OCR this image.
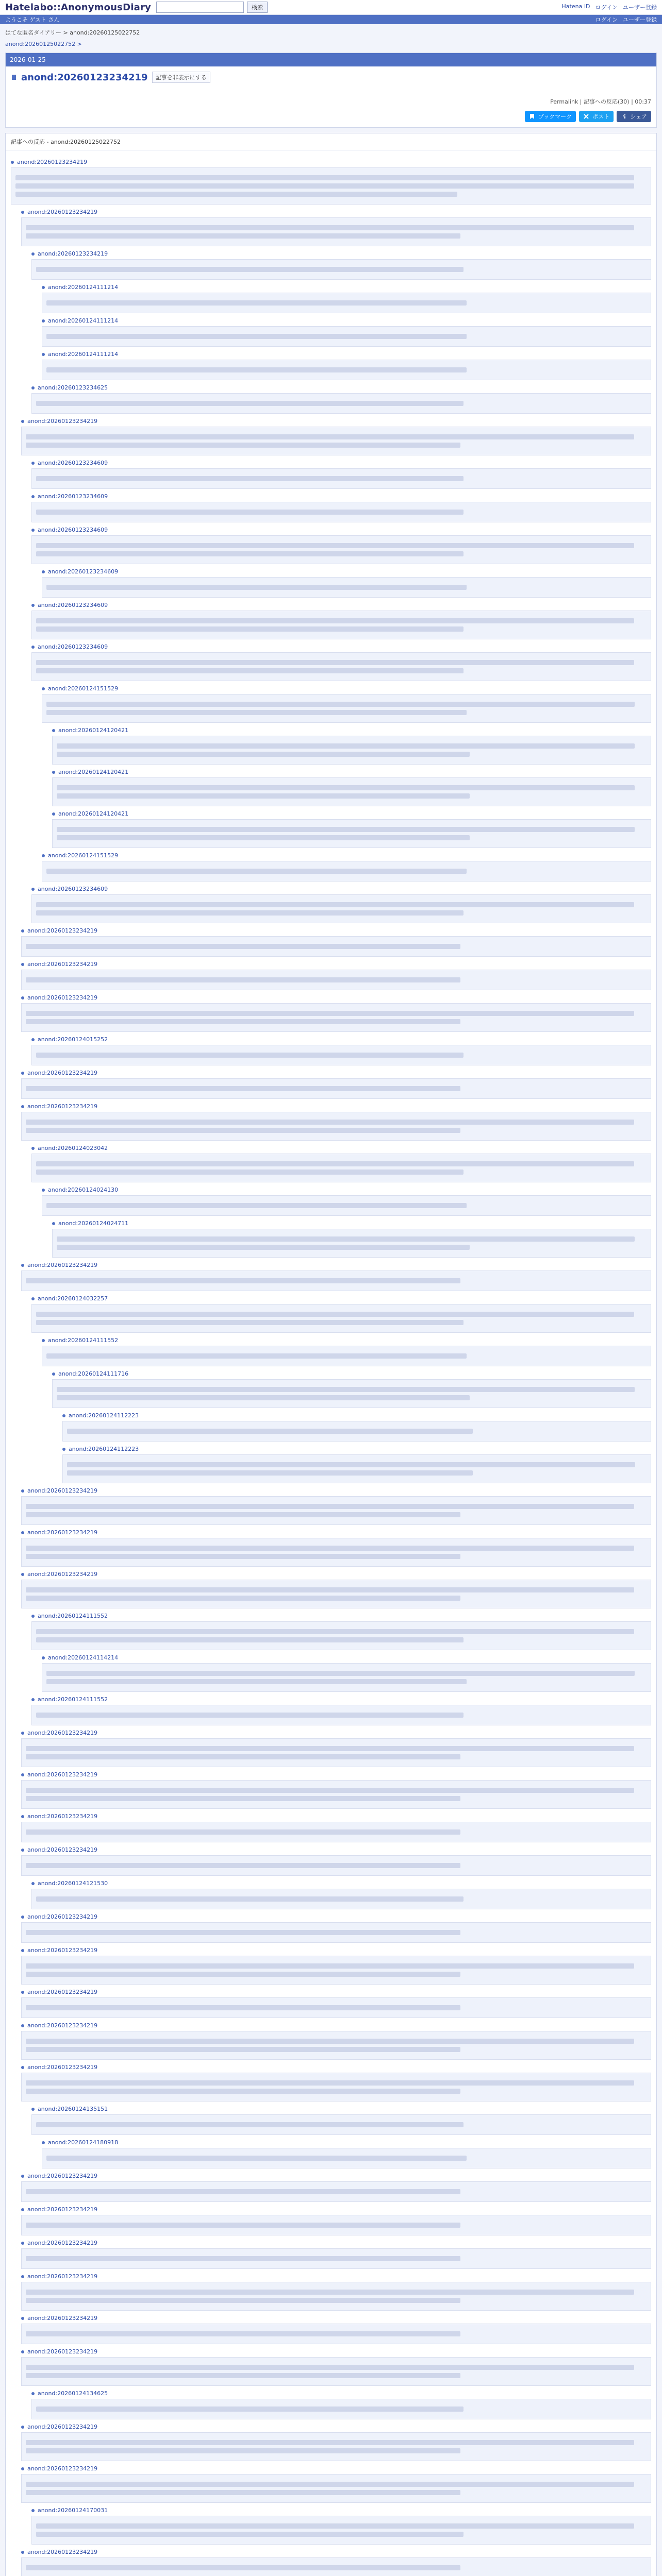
Hatelabo::AnonymousDiary	検索	Hatena ID ログイン ユーザー登録
ようこそ ゲスト さん	ログイン ユーザー登録
はてな匿名ダイアリー > anond:20260125022752
anond:20260125022752 >
2026-01-25
anond:20260123234219	記事を非表示にする
Permalink | 記事への反応(30) | 00:37
ブックマーク	ポスト	シェア
記事への反応 - anond:20260125022752
anond:20260123234219
anond:20260123234219
anond:20260123234219
anond:20260124111214
anond:20260124111214
anond:20260124111214
anond:20260123234625
anond:20260123234219
anond:20260123234609
anond:20260123234609
anond:20260123234609
anond:20260123234609
anond:20260123234609
anond:20260123234609
anond:20260124151529
anond:20260124120421
anond:20260124120421
anond:20260124120421
anond:20260124151529
anond:20260123234609
anond:20260123234219
anond:20260123234219
anond:20260123234219
anond:20260124015252
anond:20260123234219
anond:20260123234219
anond:20260124023042
anond:20260124024130
anond:20260124024711
anond:20260123234219
anond:20260124032257
anond:20260124111552
anond:20260124111716
anond:20260124112223
anond:20260124112223
anond:20260123234219
anond:20260123234219
anond:20260123234219
anond:20260124111552
anond:20260124114214
anond:20260124111552
anond:20260123234219
anond:20260123234219
anond:20260123234219
anond:20260123234219
anond:20260124121530
anond:20260123234219
anond:20260123234219
anond:20260123234219
anond:20260123234219
anond:20260123234219
anond:20260124135151
anond:20260124180918
anond:20260123234219
anond:20260123234219
anond:20260123234219
anond:20260123234219
anond:20260123234219
anond:20260123234219
anond:20260124134625
anond:20260123234219
anond:20260123234219
anond:20260124170031
anond:20260123234219
